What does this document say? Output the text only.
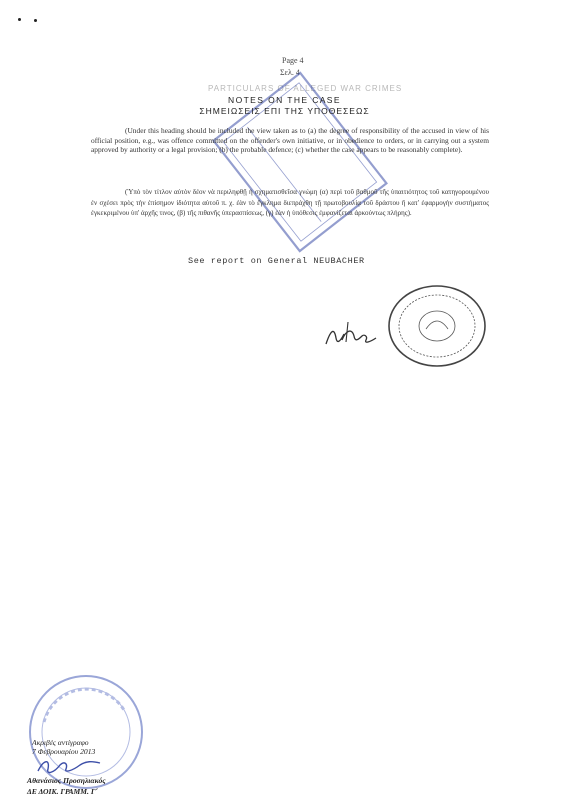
Page 4
Σελ. 4
PARTICULARS OF ALLEGED WAR CRIMES
NOTES ON THE CASE
ΣΗΜΕΙΩΣΕΙΣ ΕΠΙ ΤΗΣ ΥΠΟΘΕΣΕΩΣ
(Under this heading should be included the view taken as to (a) the degree of responsibility of the accused in view of his official position, e.g., was offence committed on the offender's own initiative, or in obedience to orders, or in carrying out a system approved by authority or a legal provision; (b) the probable defence; (c) whether the case appears to be reasonably complete).
(Ὑπὸ τὸν τίτλον αὐτὸν δέον νὰ περιληφθῇ ἡ σχηματισθεῖσα γνώμη (α) περὶ τοῦ βαθμοῦ τῆς ὑπαιτιότητος τοῦ κατηγορουμένου ἐν σχέσει πρὸς τὴν ἐπίσημον ἰδιότητα αὐτοῦ π. χ. ἐὰν τὸ ἔγκλημα διεπράχθη τῇ πρωτοβουλίᾳ τοῦ δράστου ἢ κατ' ἐφαρμογὴν συστήματος ἐγκεκριμένου ὑπ' ἀρχῆς τινος, (β) τῆς πιθανῆς ὑπερασπίσεως, (γ) ἐὰν ἡ ὑπόθεσις ἐμφανίζεται ἀρκούντως πλήρης).
See report on General NEUBACHER
Ακριβές αντίγραφο
7 Φεβρουαρίου 2013
Αθανάσιος Προσηλιακός
ΔΕ ΔΟΙΚ. ΓΡΑΜΜ. Γ΄
